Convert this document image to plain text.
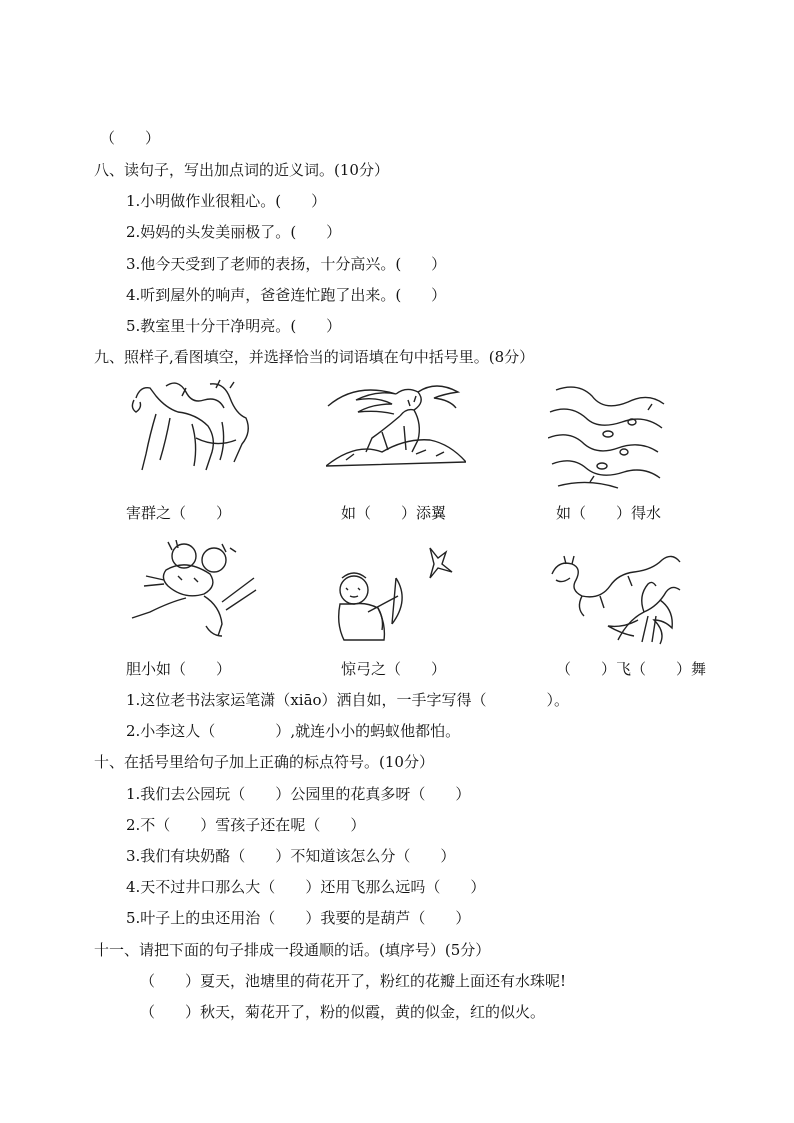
（　　）
八、读句子，写出加点词的近义词。(10分）
1.小明做作业很粗心。(　　）
2.妈妈的头发美丽极了。(　　）
3.他今天受到了老师的表扬，十分高兴。(　　）
4.听到屋外的响声，爸爸连忙跑了出来。(　　）
5.教室里十分干净明亮。(　　）
九、照样子,看图填空，并选择恰当的词语填在句中括号里。(8分）
害群之（　　）	如（　　）添翼	如（　　）得水
胆小如（　　）	惊弓之（　　）	（　　）飞（　　）舞
1.这位老书法家运笔潇（xiāo）洒自如，一手字写得（　　　　）。
2.小李这人（　　　　）,就连小小的蚂蚁他都怕。
十、在括号里给句子加上正确的标点符号。(10分）
1.我们去公园玩（　　）公园里的花真多呀（　　）
2.不（　　）雪孩子还在呢（　　）
3.我们有块奶酪（　　）不知道该怎么分（　　）
4.天不过井口那么大（　　）还用飞那么远吗（　　）
5.叶子上的虫还用治（　　）我要的是葫芦（　　）
十一、请把下面的句子排成一段通顺的话。(填序号）(5分）
（　　）夏天，池塘里的荷花开了，粉红的花瓣上面还有水珠呢!
（　　）秋天，菊花开了，粉的似霞，黄的似金，红的似火。
